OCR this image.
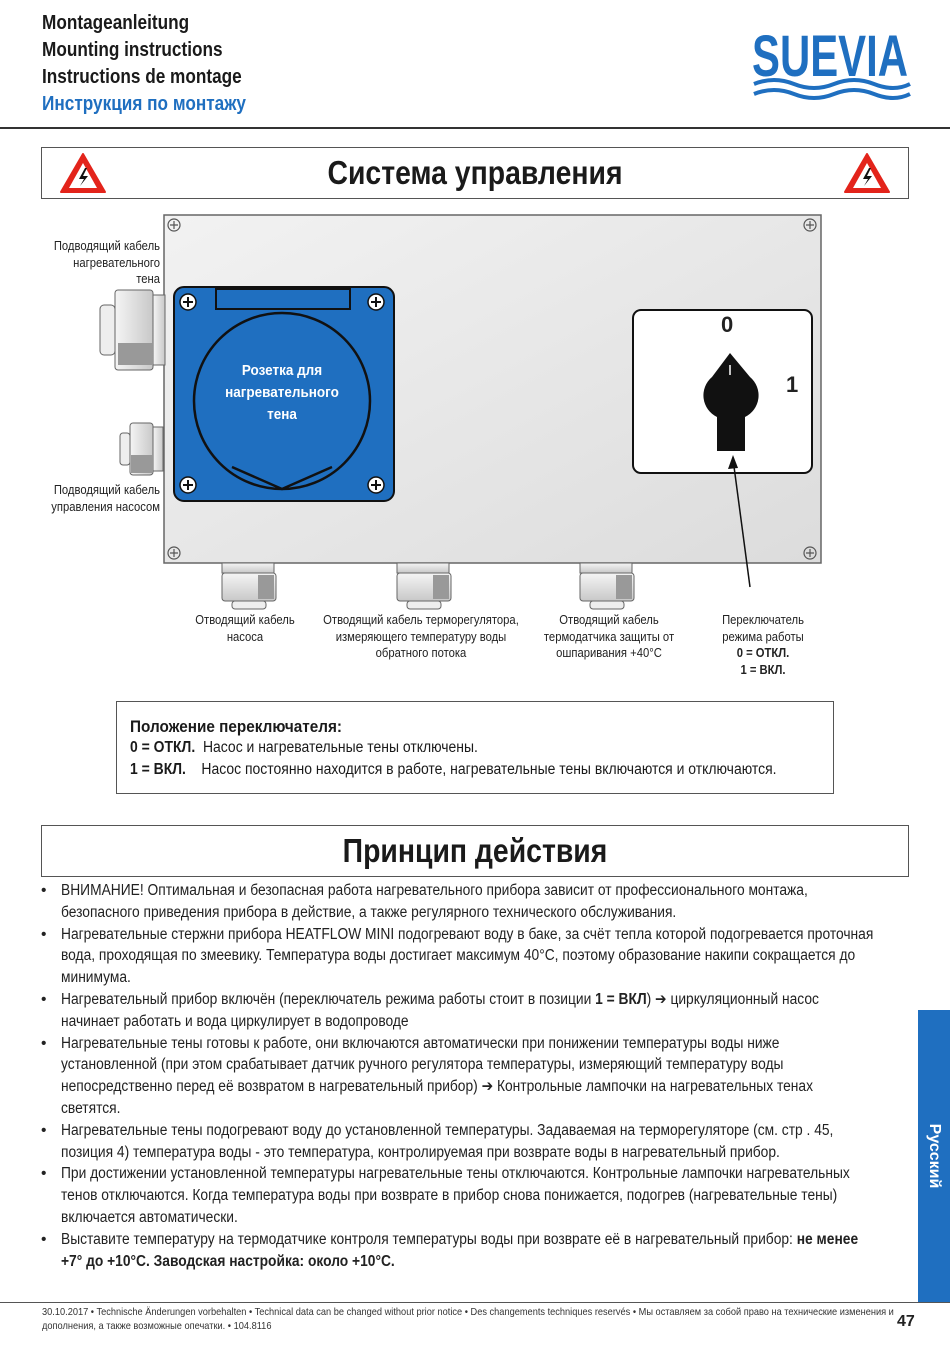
Montageanleitung
Mounting instructions
Instructions de montage
Инструкция по монтажу
SUEVIA
Система управления
0
1
Розетка для
нагревательного
тена
Подводящий кабель
нагревательного
тена
Подводящий кабель
управления насосом
Отводящий кабель
насоса
Отводящий кабель терморегулятора,
измеряющего температуру воды
обратного потока
Отводящий кабель
термодатчика защиты от
ошпаривания +40°C
Переключатель
режима работы
0 = ОТКЛ.
1 = ВКЛ.
Положение переключателя:
0 = ОТКЛ. Насос и нагревательные тены отключены.
1 = ВКЛ. Насос постоянно находится в работе, нагревательные тены включаются и отключаются.
Принцип действия
• ВНИМАНИЕ! Оптимальная и безопасная работа нагревательного прибора зависит от профессионального монтажа,
безопасного приведения прибора в действие, а также регулярного технического обслуживания.
• Нагревательные стержни прибора HEATFLOW MINI подогревают воду в баке, за счёт тепла которой подогревается проточная
вода, проходящая по змеевику. Температура воды достигает максимум 40°C, поэтому образование накипи сокращается до
минимума.
• Нагревательный прибор включён (переключатель режима работы стоит в позиции 1 = ВКЛ) ➔ циркуляционный насос
начинает работать и вода циркулирует в водопроводе
• Нагревательные тены готовы к работе, они включаются автоматически при понижении температуры воды ниже
установленной (при этом срабатывает датчик ручного регулятора температуры, измеряющий температуру воды
непосредственно перед её возвратом в нагревательный прибор) ➔ Контрольные лампочки на нагревательных тенах
светятся.
• Нагревательные тены подогревают воду до установленной температуры. Задаваемая на терморегуляторе (см. стр . 45,
позиция 4) температура воды - это температура, контролируемая при возврате воды в нагревательный прибор.
• При достижении установленной температуры нагревательные тены отключаются. Контрольные лампочки нагревательных
тенов отключаются. Когда температура воды при возврате в прибор снова понижается, подогрев (нагревательные тены)
включается автоматически.
• Выставите температуру на термодатчике контроля температуры воды при возврате её в нагревательный прибор: не менее
+7° до +10°C. Заводская настройка: около +10°C.
Русский
30.10.2017 • Technische Änderungen vorbehalten • Technical data can be changed without prior notice • Des changements techniques reservés • Мы оставляем за собой право на технические изменения и
дополнения, а также возможные опечатки. • 104.8116	47
